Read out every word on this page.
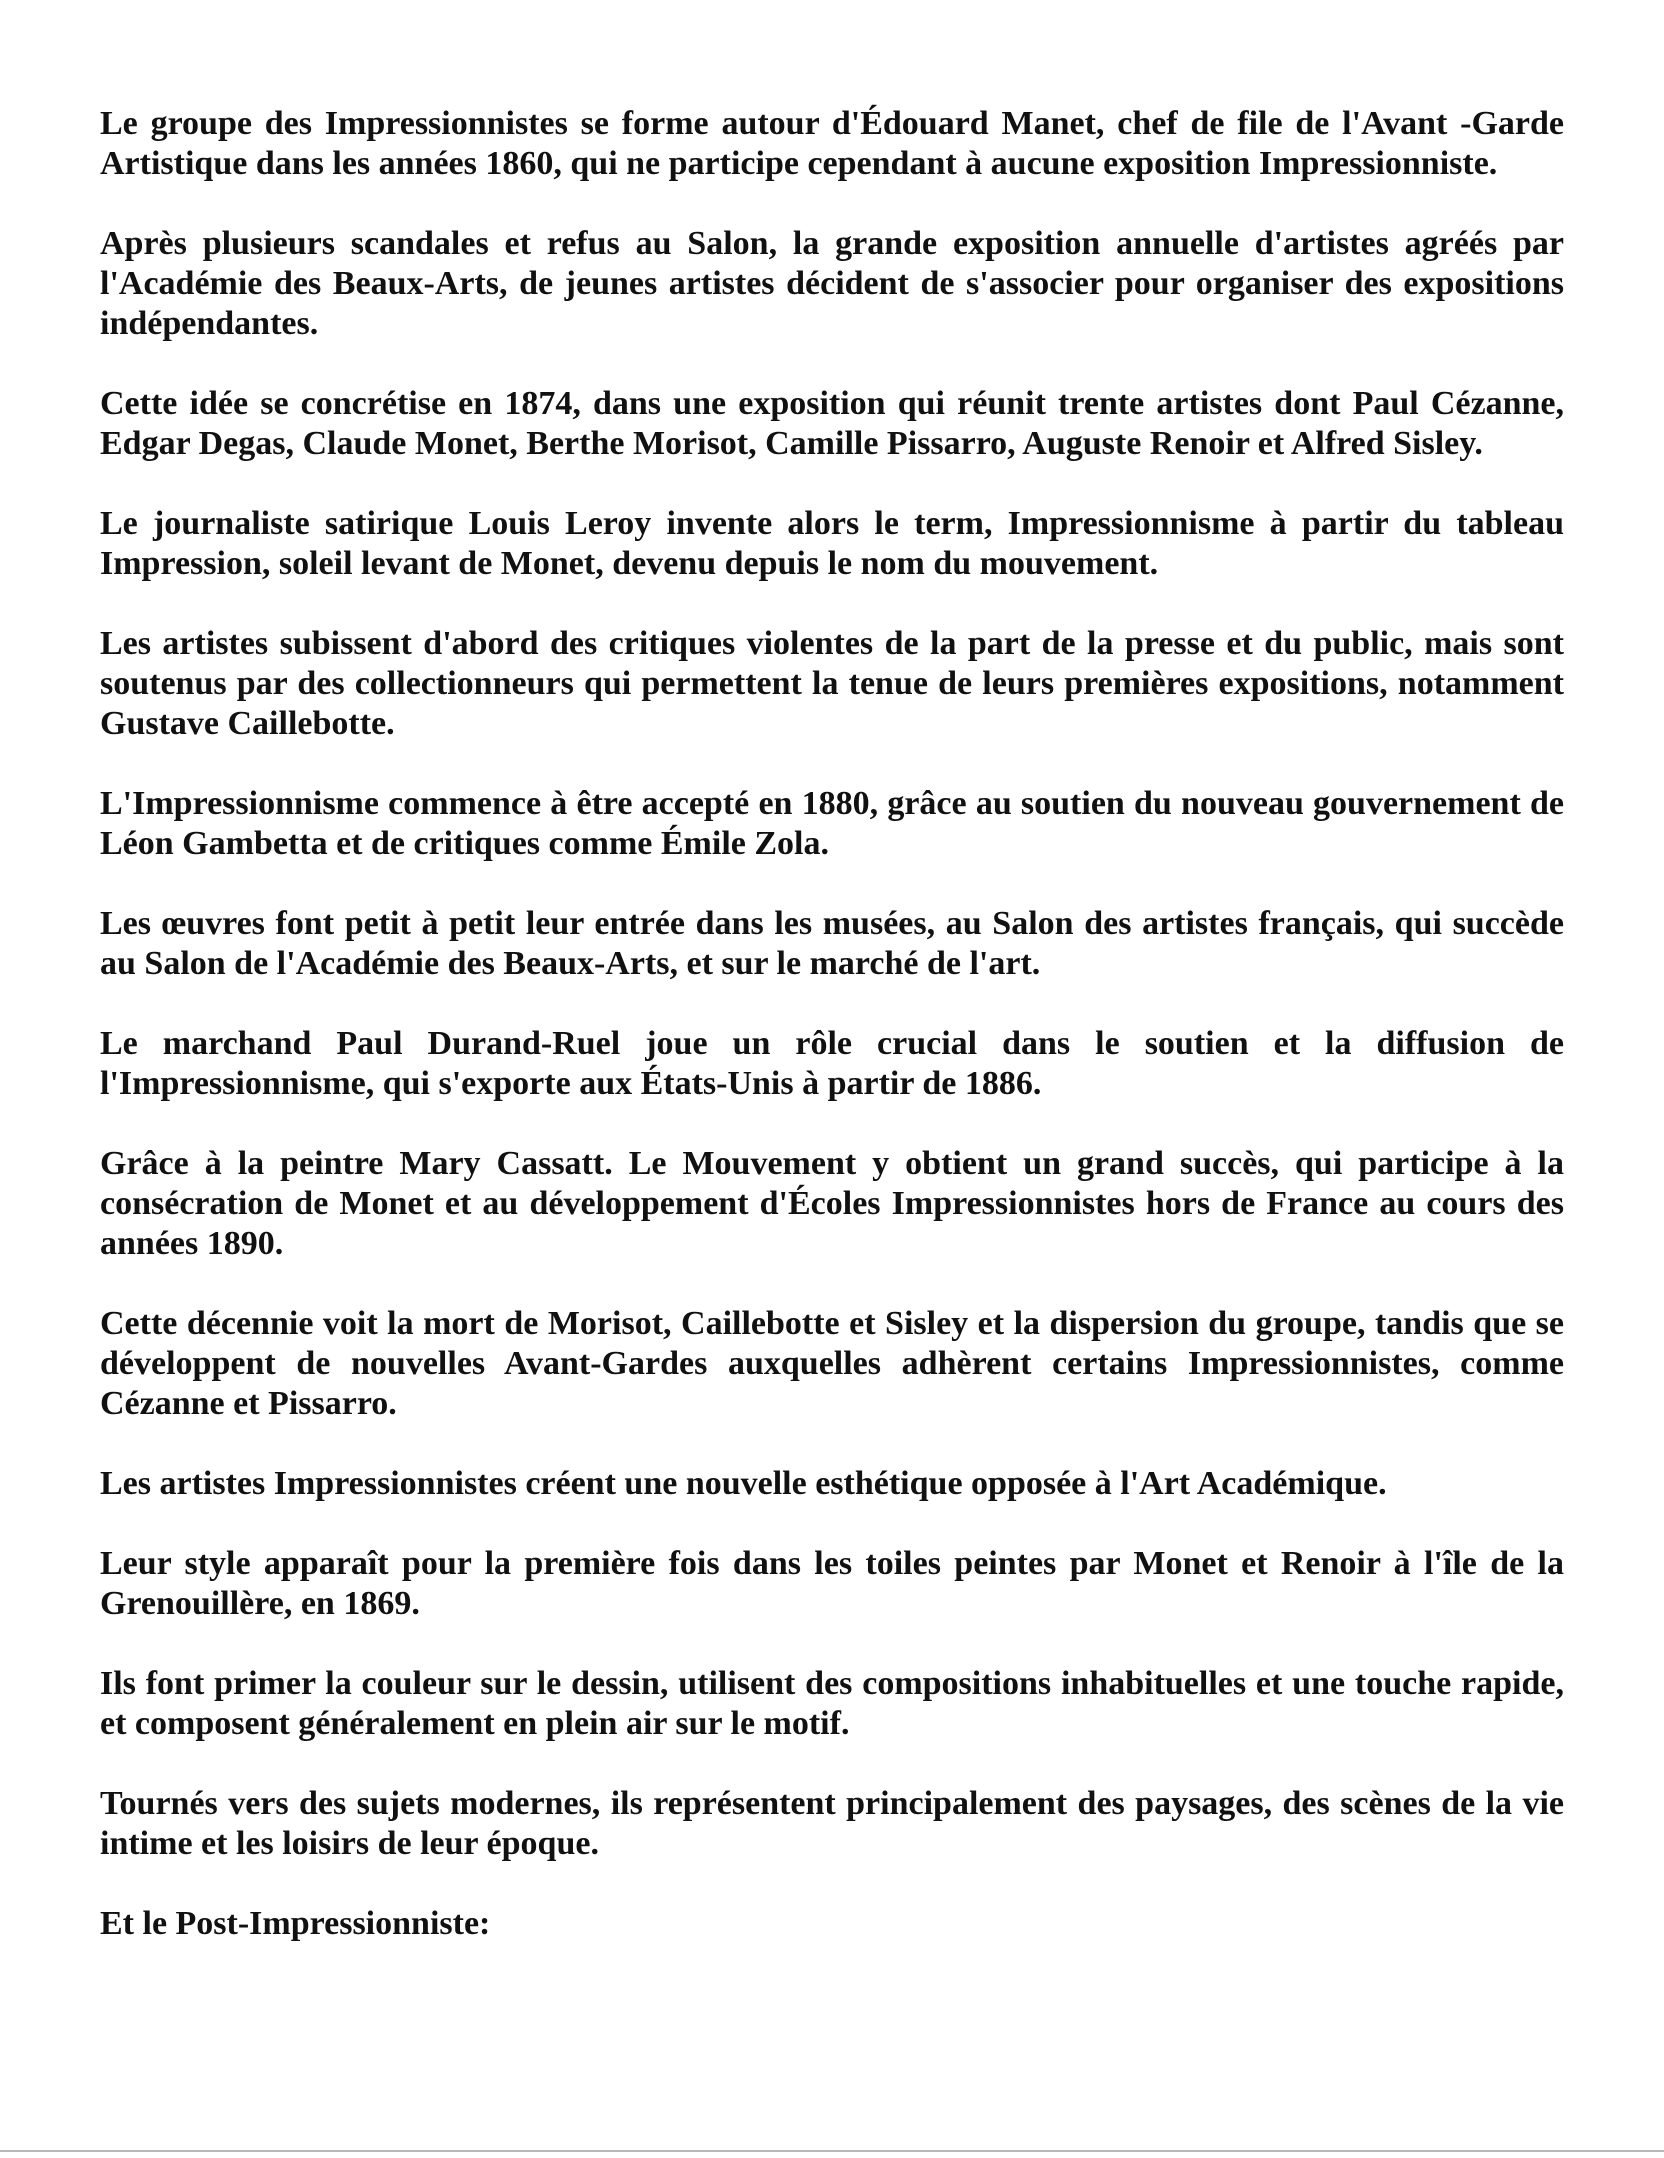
Le groupe des Impressionnistes se forme autour d'Édouard Manet, chef de file de l'Avant -Garde Artistique dans les années 1860, qui ne participe cependant à aucune exposition Impressionniste.

Après plusieurs scandales et refus au Salon, la grande exposition annuelle d'artistes agréés par l'Académie des Beaux-Arts, de jeunes artistes décident de s'associer pour organiser des expositions indépendantes.

Cette idée se concrétise en 1874, dans une exposition qui réunit trente artistes dont Paul Cézanne, Edgar Degas, Claude Monet, Berthe Morisot, Camille Pissarro, Auguste Renoir et Alfred Sisley.

Le journaliste satirique Louis Leroy invente alors le term, Impressionnisme à partir du tableau Impression, soleil levant de Monet, devenu depuis le nom du mouvement.

Les artistes subissent d'abord des critiques violentes de la part de la presse et du public, mais sont soutenus par des collectionneurs qui permettent la tenue de leurs premières expositions, notamment Gustave Caillebotte.

L'Impressionnisme commence à être accepté en 1880, grâce au soutien du nouveau gouvernement de Léon Gambetta et de critiques comme Émile Zola.

Les œuvres font petit à petit leur entrée dans les musées, au Salon des artistes français, qui succède au Salon de l'Académie des Beaux-Arts, et sur le marché de l'art.

Le marchand Paul Durand-Ruel joue un rôle crucial dans le soutien et la diffusion de l'Impressionnisme, qui s'exporte aux États-Unis à partir de 1886.

Grâce à la peintre Mary Cassatt. Le Mouvement y obtient un grand succès, qui participe à la consécration de Monet et au développement d'Écoles Impressionnistes hors de France au cours des années 1890.

Cette décennie voit la mort de Morisot, Caillebotte et Sisley et la dispersion du groupe, tandis que se développent de nouvelles Avant-Gardes auxquelles adhèrent certains Impressionnistes, comme Cézanne et Pissarro.

Les artistes Impressionnistes créent une nouvelle esthétique opposée à l'Art Académique.

Leur style apparaît pour la première fois dans les toiles peintes par Monet et Renoir à l'île de la Grenouillère, en 1869.

Ils font primer la couleur sur le dessin, utilisent des compositions inhabituelles et une touche rapide, et composent généralement en plein air sur le motif.

Tournés vers des sujets modernes, ils représentent principalement des paysages, des scènes de la vie intime et les loisirs de leur époque.

Et le Post-Impressionniste:
